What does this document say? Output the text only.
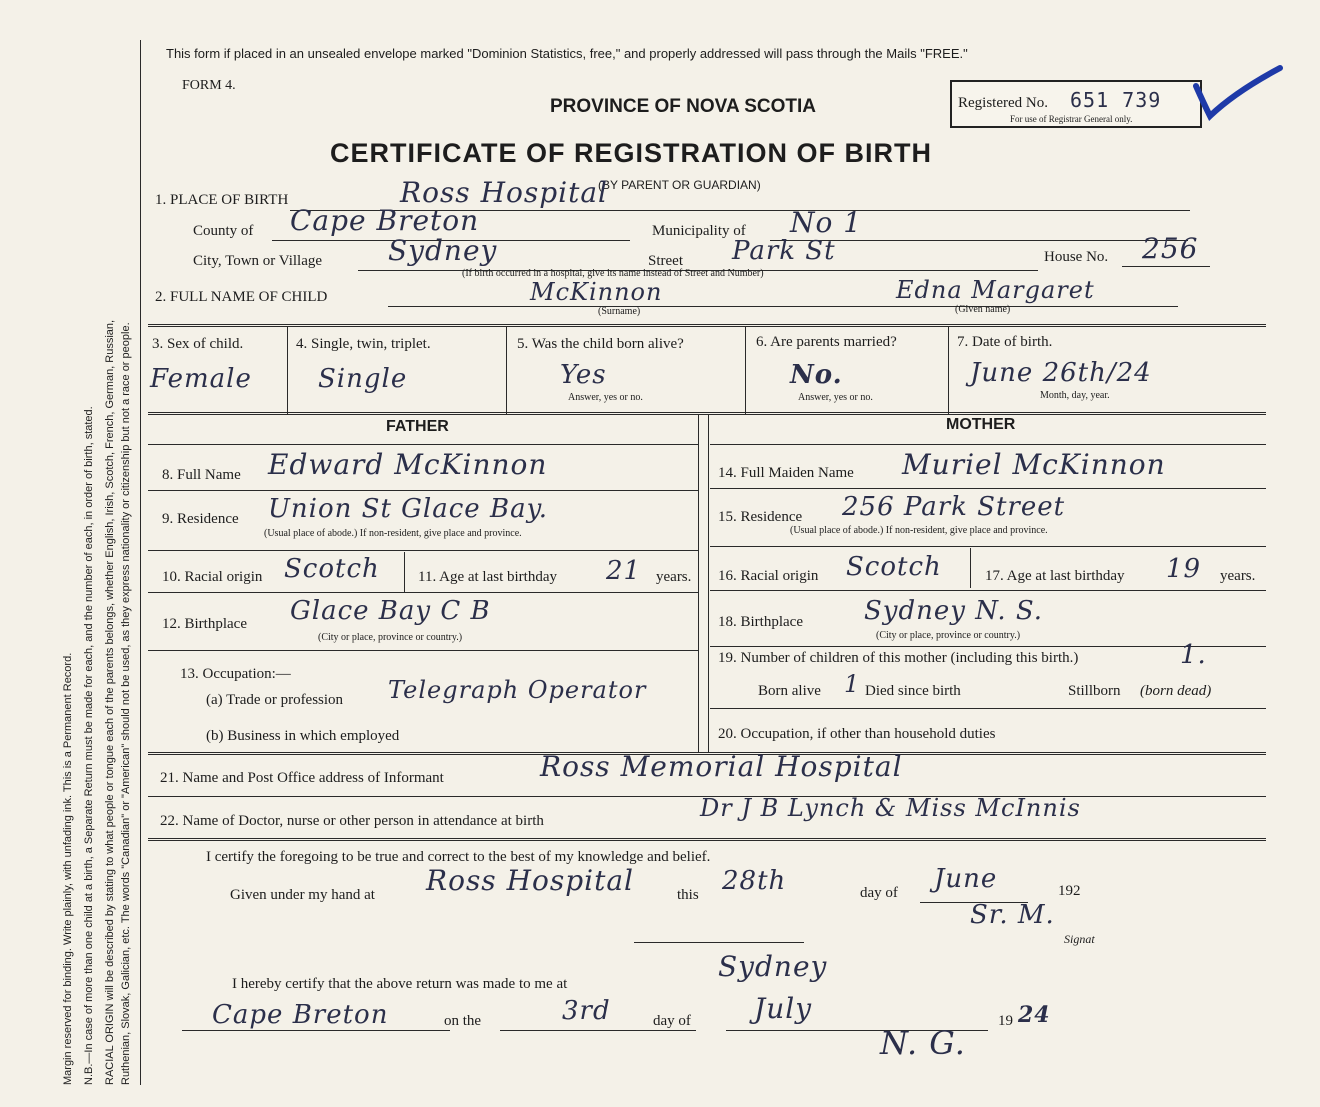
Margin reserved for binding. Write plainly, with unfading ink. This is a Permanent Record. N.B.—In case of more than one child at a birth, a Separate Return must be made for each, and the number of each, in order of birth, stated. RACIAL ORIGIN will be described by stating to what people or tongue each of the parents belongs, whether English, Irish, Scotch, French, German, Russian, Ruthenian, Slovak, Galician, etc. The words "Canadian" or "American" should not be used, as they express nationality or citizenship but not a race or people.
This form if placed in an unsealed envelope marked "Dominion Statistics, free," and properly addressed will pass through the Mails "FREE."
FORM 4.
PROVINCE OF NOVA SCOTIA	Registered No. 651 739
For use of Registrar General only.
CERTIFICATE OF REGISTRATION OF BIRTH
(BY PARENT OR GUARDIAN)
1. PLACE OF BIRTH	Ross Hospital
County of Cape Breton	Municipality of No 1
City, Town or Village Sydney	Street Park St
(If birth occurred in a hospital, give its name instead of Street and Number)
House No. 256
2. FULL NAME OF CHILD	McKinnon	Edna Margaret
(Surname)	(Given name)
3. Sex of child.
Female
4. Single, twin, triplet.
Single
5. Was the child born alive?
Yes
Answer, yes or no.
6. Are parents married?
No.
Answer, yes or no.
7. Date of birth.
June 26th/24
Month, day, year.
FATHER	MOTHER
8. Full Name Edward McKinnon
9. Residence Union St Glace Bay.
(Usual place of abode.) If non-resident, give place and province.
10. Racial origin Scotch	11. Age at last birthday 21 years.
12. Birthplace Glace Bay C B
(City or place, province or country.)
13. Occupation:—
(a) Trade or profession Telegraph Operator
(b) Business in which employed
14. Full Maiden Name Muriel McKinnon
15. Residence 256 Park Street
(Usual place of abode.) If non-resident, give place and province.
16. Racial origin Scotch	17. Age at last birthday 19 years.
18. Birthplace Sydney N. S.
(City or place, province or country.)
19. Number of children of this mother (including this birth.)	1.
Born alive 1 Died since birth	Stillborn (born dead)
20. Occupation, if other than household duties
21. Name and Post Office address of Informant	Ross Memorial Hospital
22. Name of Doctor, nurse or other person in attendance at birth	Dr J B Lynch & Miss McInnis
I certify the foregoing to be true and correct to the best of my knowledge and belief.
Given under my hand at Ross Hospital	this 28th	day of June	192
Sr. M.
Signat
I hereby certify that the above return was made to me at
Sydney
Cape Breton	on the	3rd	day of July	19 24
N. G.
